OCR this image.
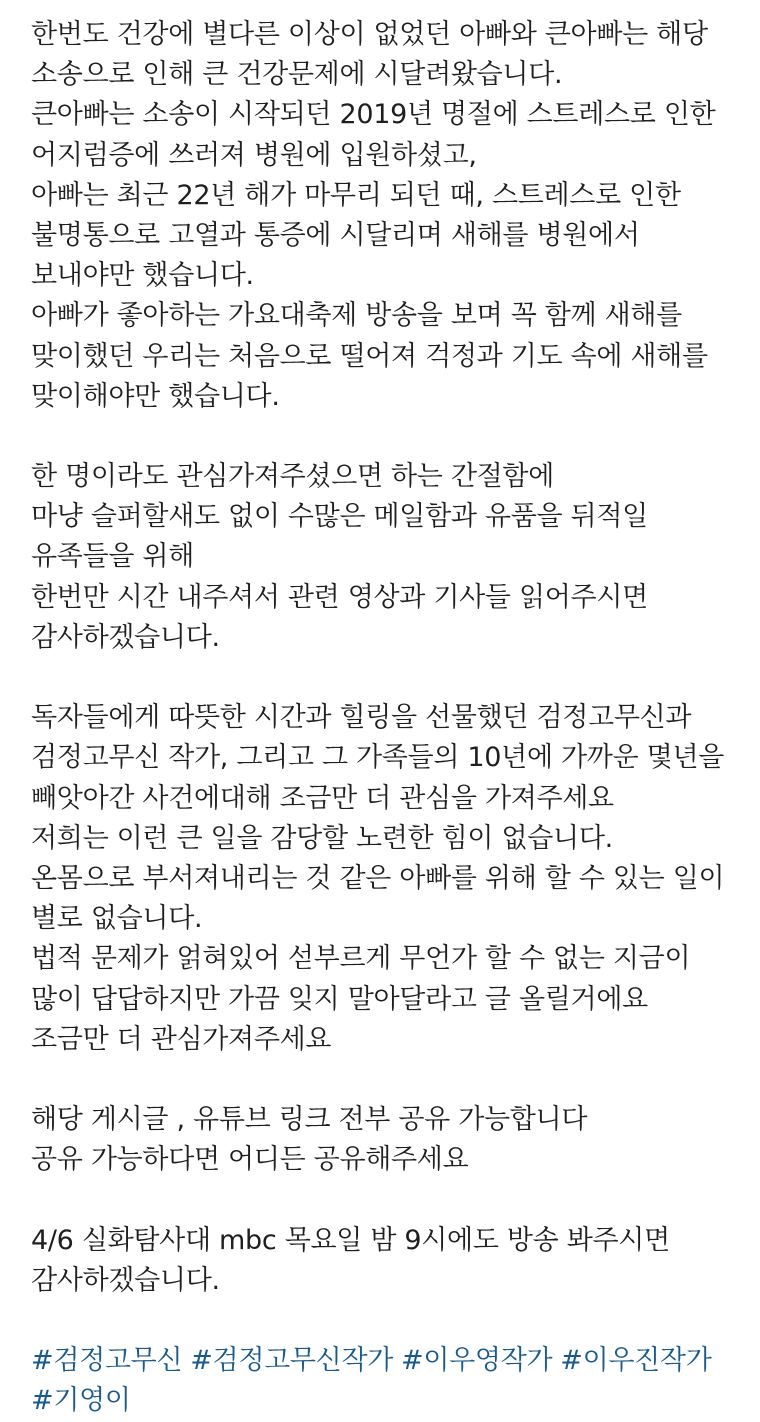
한번도 건강에 별다른 이상이 없었던 아빠와 큰아빠는 해당
소송으로 인해 큰 건강문제에 시달려왔습니다.
큰아빠는 소송이 시작되던 2019년 명절에 스트레스로 인한
어지럼증에 쓰러져 병원에 입원하셨고,
아빠는 최근 22년 해가 마무리 되던 때, 스트레스로 인한
불명통으로 고열과 통증에 시달리며 새해를 병원에서
보내야만 했습니다.
아빠가 좋아하는 가요대축제 방송을 보며 꼭 함께 새해를
맞이했던 우리는 처음으로 떨어져 걱정과 기도 속에 새해를
맞이해야만 했습니다.
한 명이라도 관심가져주셨으면 하는 간절함에
마냥 슬퍼할새도 없이 수많은 메일함과 유품을 뒤적일
유족들을 위해
한번만 시간 내주셔서 관련 영상과 기사들 읽어주시면
감사하겠습니다.
독자들에게 따뜻한 시간과 힐링을 선물했던 검정고무신과
검정고무신 작가, 그리고 그 가족들의 10년에 가까운 몇년을
빼앗아간 사건에대해 조금만 더 관심을 가져주세요
저희는 이런 큰 일을 감당할 노련한 힘이 없습니다.
온몸으로 부서져내리는 것 같은 아빠를 위해 할 수 있는 일이
별로 없습니다.
법적 문제가 얽혀있어 섣부르게 무언가 할 수 없는 지금이
많이 답답하지만 가끔 잊지 말아달라고 글 올릴거에요
조금만 더 관심가져주세요
해당 게시글 , 유튜브 링크 전부 공유 가능합니다
공유 가능하다면 어디든 공유해주세요
4/6 실화탐사대 mbc 목요일 밤 9시에도 방송 봐주시면
감사하겠습니다.
#검정고무신 #검정고무신작가 #이우영작가 #이우진작가
#기영이
